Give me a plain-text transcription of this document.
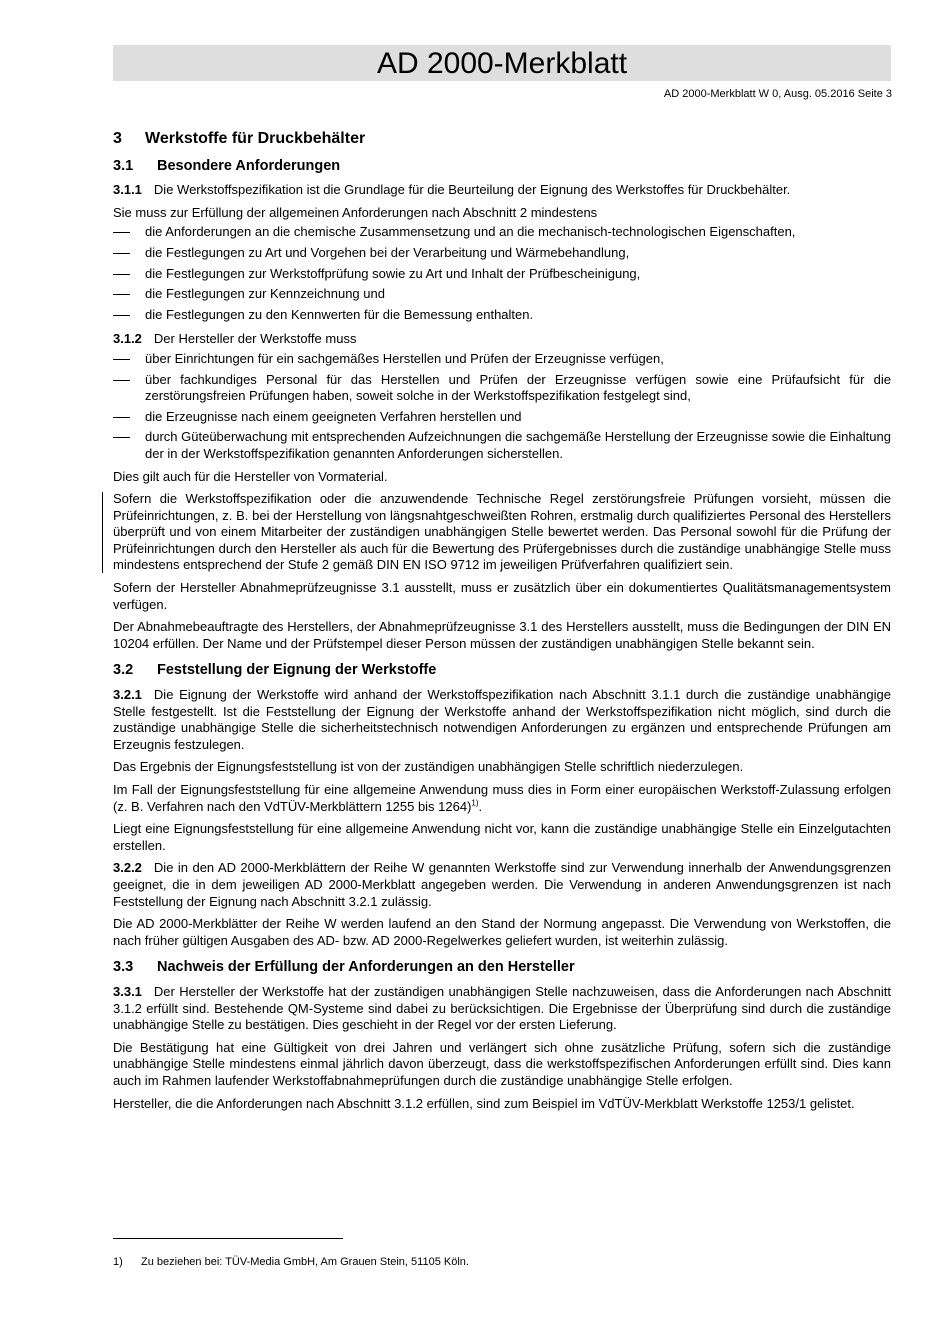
AD 2000-Merkblatt
AD 2000-Merkblatt W 0, Ausg. 05.2016 Seite 3
3 Werkstoffe für Druckbehälter
3.1 Besondere Anforderungen

3.1.1 Die Werkstoffspezifikation ist die Grundlage für die Beurteilung der Eignung des Werkstoffes für Druckbehälter.

Sie muss zur Erfüllung der allgemeinen Anforderungen nach Abschnitt 2 mindestens

die Anforderungen an die chemische Zusammensetzung und an die mechanisch-technologischen Eigenschaften,
die Festlegungen zu Art und Vorgehen bei der Verarbeitung und Wärmebehandlung,
die Festlegungen zur Werkstoffprüfung sowie zu Art und Inhalt der Prüfbescheinigung,
die Festlegungen zur Kennzeichnung und
die Festlegungen zu den Kennwerten für die Bemessung enthalten.

3.1.2 Der Hersteller der Werkstoffe muss

über Einrichtungen für ein sachgemäßes Herstellen und Prüfen der Erzeugnisse verfügen,
über fachkundiges Personal für das Herstellen und Prüfen der Erzeugnisse verfügen sowie eine Prüfaufsicht für die zerstörungsfreien Prüfungen haben, soweit solche in der Werkstoffspezifikation festgelegt sind,
die Erzeugnisse nach einem geeigneten Verfahren herstellen und
durch Güteüberwachung mit entsprechenden Aufzeichnungen die sachgemäße Herstellung der Erzeugnisse sowie die Einhaltung der in der Werkstoffspezifikation genannten Anforderungen sicherstellen.

Dies gilt auch für die Hersteller von Vormaterial.

Sofern die Werkstoffspezifikation oder die anzuwendende Technische Regel zerstörungsfreie Prüfungen vorsieht, müssen die Prüfeinrichtungen, z. B. bei der Herstellung von längsnahtgeschweißten Rohren, erstmalig durch qualifiziertes Personal des Herstellers überprüft und von einem Mitarbeiter der zuständigen unabhängigen Stelle bewertet werden. Das Personal sowohl für die Prüfung der Prüfeinrichtungen durch den Hersteller als auch für die Bewertung des Prüfergebnisses durch die zuständige unabhängige Stelle muss mindestens entsprechend der Stufe 2 gemäß DIN EN ISO 9712 im jeweiligen Prüfverfahren qualifiziert sein.

Sofern der Hersteller Abnahmeprüfzeugnisse 3.1 ausstellt, muss er zusätzlich über ein dokumentiertes Qualitätsmanagementsystem verfügen.

Der Abnahmebeauftragte des Herstellers, der Abnahmeprüfzeugnisse 3.1 des Herstellers ausstellt, muss die Bedingungen der DIN EN 10204 erfüllen. Der Name und der Prüfstempel dieser Person müssen der zuständigen unabhängigen Stelle bekannt sein.

3.2 Feststellung der Eignung der Werkstoffe

3.2.1 Die Eignung der Werkstoffe wird anhand der Werkstoffspezifikation nach Abschnitt 3.1.1 durch die zuständige unabhängige Stelle festgestellt. Ist die Feststellung der Eignung der Werkstoffe anhand der Werkstoffspezifikation nicht möglich, sind durch die zuständige unabhängige Stelle die sicherheitstechnisch notwendigen Anforderungen zu ergänzen und entsprechende Prüfungen am Erzeugnis festzulegen.

Das Ergebnis der Eignungsfeststellung ist von der zuständigen unabhängigen Stelle schriftlich niederzulegen.

Im Fall der Eignungsfeststellung für eine allgemeine Anwendung muss dies in Form einer europäischen Werkstoff-Zulassung erfolgen (z. B. Verfahren nach den VdTÜV-Merkblättern 1255 bis 1264)$^{1)}$.

Liegt eine Eignungsfeststellung für eine allgemeine Anwendung nicht vor, kann die zuständige unabhängige Stelle ein Einzelgutachten erstellen.

3.2.2 Die in den AD 2000-Merkblättern der Reihe W genannten Werkstoffe sind zur Verwendung innerhalb der Anwendungsgrenzen geeignet, die in dem jeweiligen AD 2000-Merkblatt angegeben werden. Die Verwendung in anderen Anwendungsgrenzen ist nach Feststellung der Eignung nach Abschnitt 3.2.1 zulässig.

Die AD 2000-Merkblätter der Reihe W werden laufend an den Stand der Normung angepasst. Die Verwendung von Werkstoffen, die nach früher gültigen Ausgaben des AD- bzw. AD 2000-Regelwerkes geliefert wurden, ist weiterhin zulässig.

3.3 Nachweis der Erfüllung der Anforderungen an den Hersteller

3.3.1 Der Hersteller der Werkstoffe hat der zuständigen unabhängigen Stelle nachzuweisen, dass die Anforderungen nach Abschnitt 3.1.2 erfüllt sind. Bestehende QM-Systeme sind dabei zu berücksichtigen. Die Ergebnisse der Überprüfung sind durch die zuständige unabhängige Stelle zu bestätigen. Dies geschieht in der Regel vor der ersten Lieferung.

Die Bestätigung hat eine Gültigkeit von drei Jahren und verlängert sich ohne zusätzliche Prüfung, sofern sich die zuständige unabhängige Stelle mindestens einmal jährlich davon überzeugt, dass die werkstoffspezifischen Anforderungen erfüllt sind. Dies kann auch im Rahmen laufender Werkstoffabnahmeprüfungen durch die zuständige unabhängige Stelle erfolgen.

Hersteller, die die Anforderungen nach Abschnitt 3.1.2 erfüllen, sind zum Beispiel im VdTÜV-Merkblatt Werkstoffe 1253/1 gelistet.

1) Zu beziehen bei: TÜV-Media GmbH, Am Grauen Stein, 51105 Köln.
